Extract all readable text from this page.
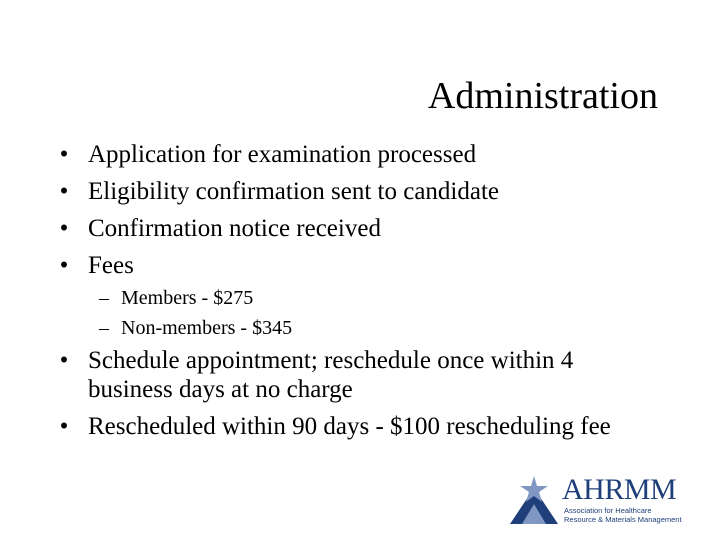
Administration
• Application for examination processed
• Eligibility confirmation sent to candidate
• Confirmation notice received
• Fees
– Members - $275
– Non-members - $345
• Schedule appointment; reschedule once within 4 business days at no charge
• Rescheduled within 90 days - $100 rescheduling fee
AHRMM
Association for Healthcare
Resource & Materials Management
